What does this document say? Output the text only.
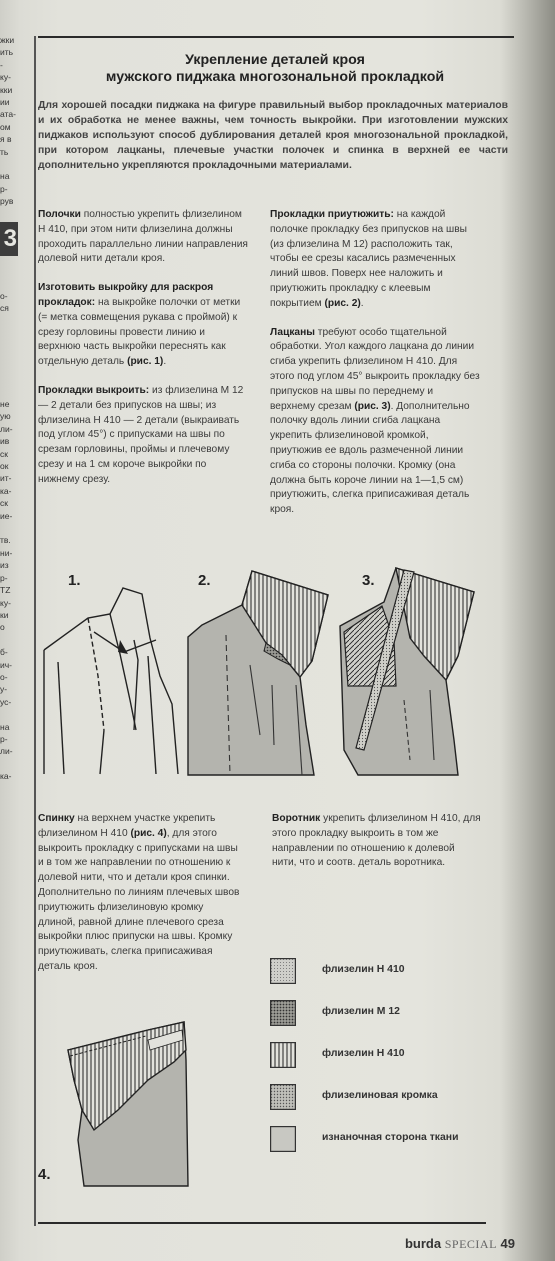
жки
ить
-
ку-
кки
ии
ата-
ом
я в
ть

на
р-
рув
3
о-
ся
не
ую
ли-
ив
ск
ок
ит-
ка-
ск
ие-

тв.
ни-
из
р-
TZ
ку-
ки
о

б-
ич-
о-
у-
ус-

на
р-
ли-

ка-
Укрепление деталей кроя
мужского пиджака многозональной прокладкой
Для хорошей посадки пиджака на фигуре правильный выбор прокладочных материалов и их обработка не менее важны, чем точность выкройки. При изготовлении мужских пиджаков используют способ дублирования деталей кроя многозональной прокладкой, при котором лацканы, плечевые участки полочек и спинка в верхней ее части дополнительно укрепляются прокладочными материалами.

Полочки полностью укрепить флизелином Н 410, при этом нити флизелина должны проходить параллельно линии направления долевой нити детали кроя.

Изготовить выкройку для раскроя прокладок: на выкройке полочки от метки (= метка совмещения рукава с проймой) к срезу горловины провести линию и верхнюю часть выкройки переснять как отдельную деталь (рис. 1).

Прокладки выкроить: из флизелина М 12 — 2 детали без припусков на швы; из флизелина Н 410 — 2 детали (выкраивать под углом 45°) с припусками на швы по срезам горловины, проймы и плечевому срезу и на 1 см короче выкройки по нижнему срезу.

Прокладки приутюжить: на каждой полочке прокладку без припусков на швы (из флизелина М 12) расположить так, чтобы ее срезы касались размеченных линий швов. Поверх нее наложить и приутюжить прокладку с клеевым покрытием (рис. 2).

Лацканы требуют особо тщательной обработки. Угол каждого лацкана до линии сгиба укрепить флизелином Н 410. Для этого под углом 45° выкроить прокладку без припусков на швы по переднему и верхнему срезам (рис. 3). Дополнительно полочку вдоль линии сгиба лацкана укрепить флизелиновой кромкой, приутюжив ее вдоль размеченной линии сгиба со стороны полочки. Кромку (она должна быть короче линии на 1—1,5 см) приутюжить, слегка приписаживая деталь кроя.

1.	2.	3.

Спинку на верхнем участке укрепить флизелином Н 410 (рис. 4), для этого выкроить прокладку с припусками на швы и в том же направлении по отношению к долевой нити, что и детали кроя спинки. Дополнительно по линиям плечевых швов приутюжить флизелиновую кромку длиной, равной длине плечевого среза выкройки плюс припуски на швы. Кромку приутюживать, слегка приписаживая деталь кроя.

Воротник укрепить флизелином Н 410, для этого прокладку выкроить в том же направлении по отношению к долевой нити, что и соотв. деталь воротника.

4.
флизелин Н 410
флизелин М 12
флизелин Н 410
флизелиновая кромка
изнаночная сторона ткани
burda SPECIAL 49
